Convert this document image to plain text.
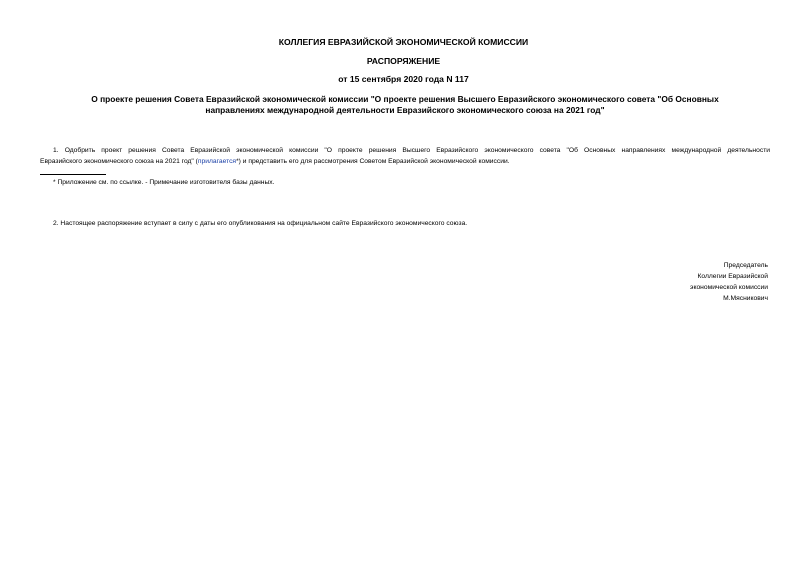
КОЛЛЕГИЯ ЕВРАЗИЙСКОЙ ЭКОНОМИЧЕСКОЙ КОМИССИИ
РАСПОРЯЖЕНИЕ
от 15 сентября 2020 года N 117
О проекте решения Совета Евразийской экономической комиссии "О проекте решения Высшего Евразийского экономического совета "Об Основных
направлениях международной деятельности Евразийского экономического союза на 2021 год"
1. Одобрить проект решения Совета Евразийской экономической комиссии "О проекте решения Высшего Евразийского экономического совета "Об Основных направлениях международной деятельности
Евразийского экономического союза на 2021 год" (прилагается*) и представить его для рассмотрения Советом Евразийской экономической комиссии.
* Приложение см. по ссылке. - Примечание изготовителя базы данных.
2. Настоящее распоряжение вступает в силу с даты его опубликования на официальном сайте Евразийского экономического союза.
Председатель
Коллегии Евразийской
экономической комиссии
М.Мясникович
